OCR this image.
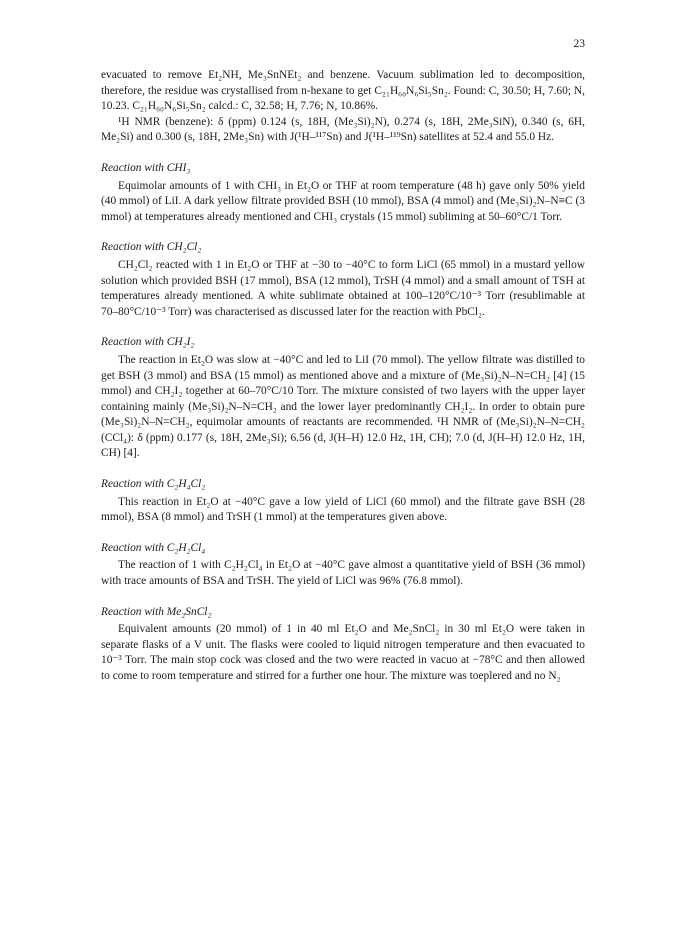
23

evacuated to remove Et₂NH, Me₃SnNEt₂ and benzene. Vacuum sublimation led to decomposition, therefore, the residue was crystallised from n-hexane to get C₂₁H₆₀N₆Si₅Sn₂. Found: C, 30.50; H, 7.60; N, 10.23. C₂₁H₆₀N₆Si₅Sn₂ calcd.: C, 32.58; H, 7.76; N, 10.86%.

¹H NMR (benzene): δ (ppm) 0.124 (s, 18H, (Me₃Si)₂N), 0.274 (s, 18H, 2Me₃SiN), 0.340 (s, 6H, Me₂Si) and 0.300 (s, 18H, 2Me₃Sn) with J(¹H–¹¹⁷Sn) and J(¹H–¹¹⁹Sn) satellites at 52.4 and 55.0 Hz.

Reaction with CHI₃

Equimolar amounts of 1 with CHI₃ in Et₂O or THF at room temperature (48 h) gave only 50% yield (40 mmol) of LiI. A dark yellow filtrate provided BSH (10 mmol), BSA (4 mmol) and (Me₃Si)₂N–N≡C (3 mmol) at temperatures already mentioned and CHI₃ crystals (15 mmol) subliming at 50–60°C/1 Torr.

Reaction with CH₂Cl₂

CH₂Cl₂ reacted with 1 in Et₂O or THF at −30 to −40°C to form LiCl (65 mmol) in a mustard yellow solution which provided BSH (17 mmol), BSA (12 mmol), TrSH (4 mmol) and a small amount of TSH at temperatures already mentioned. A white sublimate obtained at 100–120°C/10⁻³ Torr (resublimable at 70–80°C/10⁻³ Torr) was characterised as discussed later for the reaction with PbCl₂.

Reaction with CH₂I₂

The reaction in Et₂O was slow at −40°C and led to LiI (70 mmol). The yellow filtrate was distilled to get BSH (3 mmol) and BSA (15 mmol) as mentioned above and a mixture of (Me₃Si)₂N–N=CH₂ [4] (15 mmol) and CH₂I₂ together at 60–70°C/10 Torr. The mixture consisted of two layers with the upper layer containing mainly (Me₃Si)₂N–N=CH₂ and the lower layer predominantly CH₂I₂. In order to obtain pure (Me₃Si)₂N–N=CH₂, equimolar amounts of reactants are recommended. ¹H NMR of (Me₃Si)₂N–N=CH₂ (CCl₄): δ (ppm) 0.177 (s, 18H, 2Me₃Si); 6.56 (d, J(H–H) 12.0 Hz, 1H, CH); 7.0 (d, J(H–H) 12.0 Hz, 1H, CH) [4].

Reaction with C₂H₄Cl₂

This reaction in Et₂O at −40°C gave a low yield of LiCl (60 mmol) and the filtrate gave BSH (28 mmol), BSA (8 mmol) and TrSH (1 mmol) at the temperatures given above.

Reaction with C₂H₂Cl₄

The reaction of 1 with C₂H₂Cl₄ in Et₂O at −40°C gave almost a quantitative yield of BSH (36 mmol) with trace amounts of BSA and TrSH. The yield of LiCl was 96% (76.8 mmol).

Reaction with Me₂SnCl₂

Equivalent amounts (20 mmol) of 1 in 40 ml Et₂O and Me₂SnCl₂ in 30 ml Et₂O were taken in separate flasks of a V unit. The flasks were cooled to liquid nitrogen temperature and then evacuated to 10⁻³ Torr. The main stop cock was closed and the two were reacted in vacuo at −78°C and then allowed to come to room temperature and stirred for a further one hour. The mixture was toeplered and no N₂
